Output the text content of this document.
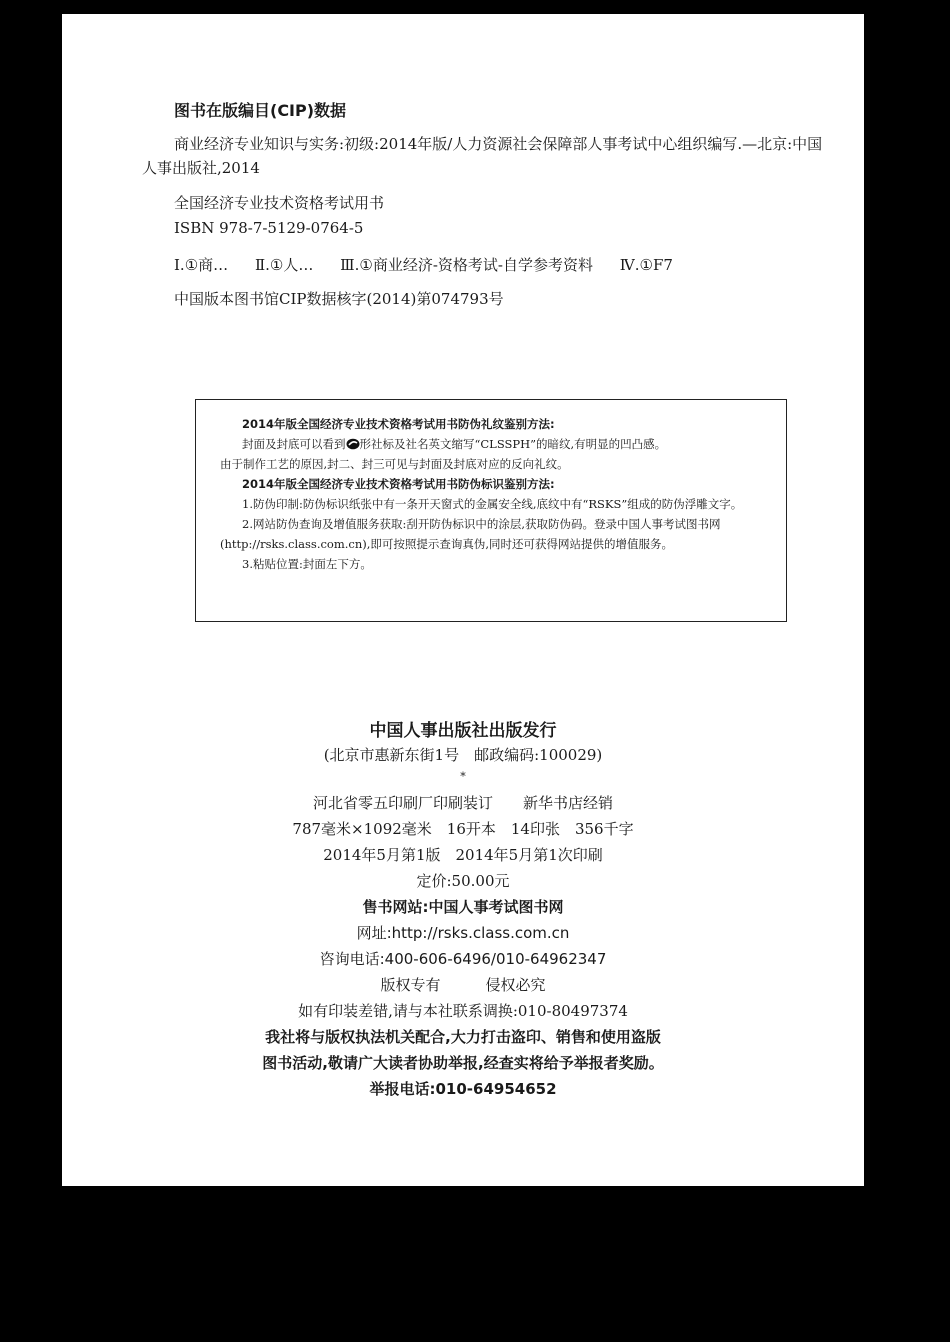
图书在版编目(CIP)数据
商业经济专业知识与实务:初级:2014年版/人力资源社会保障部人事考试中心组织编写.—北京:中国人事出版社,2014
全国经济专业技术资格考试用书
ISBN 978-7-5129-0764-5
Ⅰ.①商… Ⅱ.①人… Ⅲ.①商业经济-资格考试-自学参考资料 Ⅳ.①F7
中国版本图书馆CIP数据核字(2014)第074793号
2014年版全国经济专业技术资格考试用书防伪礼纹鉴别方法:
封面及封底可以看到 形社标及社名英文缩写“CLSSPH”的暗纹,有明显的凹凸感。
由于制作工艺的原因,封二、封三可见与封面及封底对应的反向礼纹。
2014年版全国经济专业技术资格考试用书防伪标识鉴别方法:
1.防伪印制:防伪标识纸张中有一条开天窗式的金属安全线,底纹中有“RSKS”组成的防伪浮雕文字。
2.网站防伪查询及增值服务获取:刮开防伪标识中的涂层,获取防伪码。登录中国人事考试图书网(http://rsks.class.com.cn),即可按照提示查询真伪,同时还可获得网站提供的增值服务。
3.粘贴位置:封面左下方。
中国人事出版社出版发行
(北京市惠新东街1号　邮政编码:100029)
*
河北省零五印刷厂印刷装订　　新华书店经销
787毫米×1092毫米　16开本　14印张　356千字
2014年5月第1版　2014年5月第1次印刷
定价:50.00元
售书网站:中国人事考试图书网
网址:http://rsks.class.com.cn
咨询电话:400-606-6496/010-64962347
版权专有　　　侵权必究
如有印装差错,请与本社联系调换:010-80497374
我社将与版权执法机关配合,大力打击盗印、销售和使用盗版
图书活动,敬请广大读者协助举报,经查实将给予举报者奖励。
举报电话:010-64954652
